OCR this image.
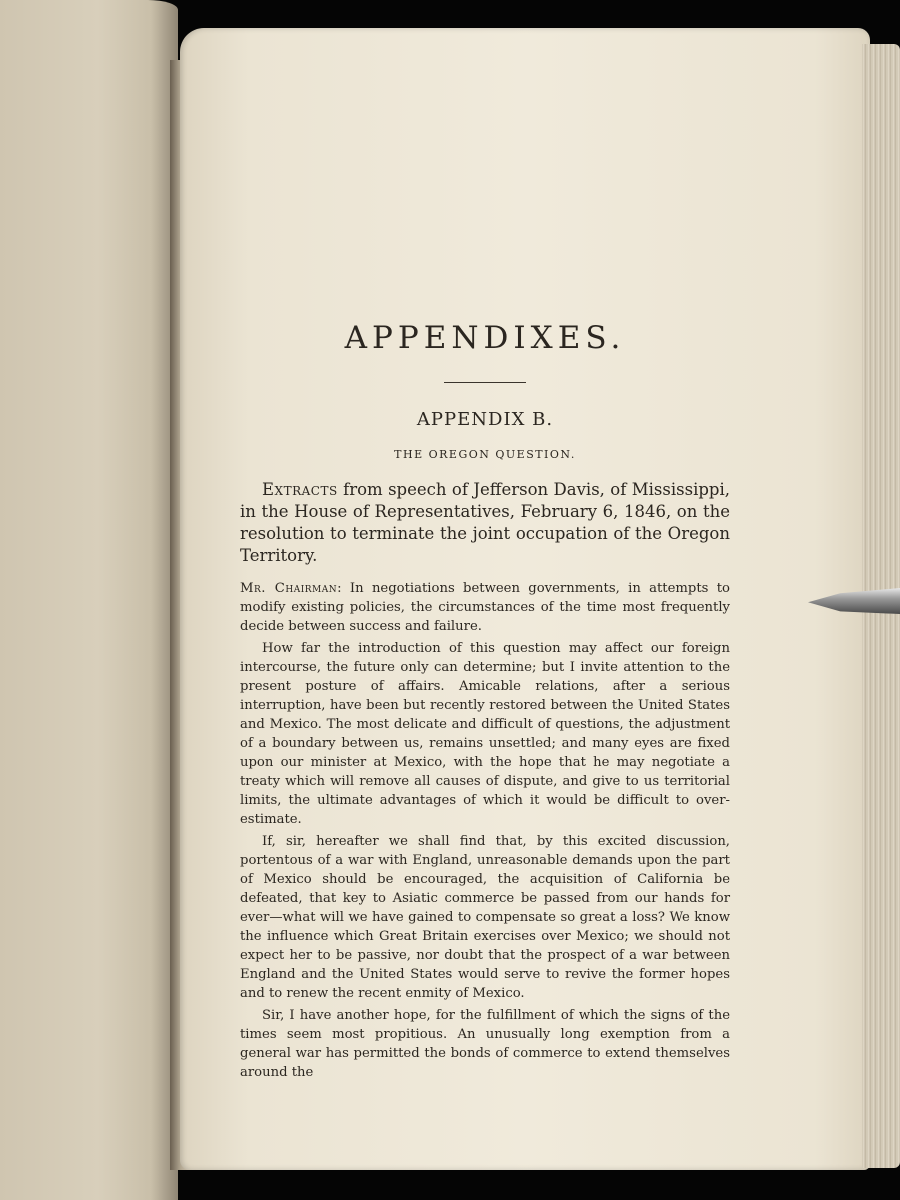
APPENDIXES.
APPENDIX B.
THE OREGON QUESTION.

Extracts from speech of Jefferson Davis, of Mississippi, in the House of Representatives, February 6, 1846, on the resolution to terminate the joint occupation of the Oregon Territory.

Mr. Chairman: In negotiations between governments, in attempts to modify existing policies, the circumstances of the time most frequently decide between success and failure.

How far the introduction of this question may affect our foreign intercourse, the future only can determine; but I invite attention to the present posture of affairs. Amicable relations, after a serious interruption, have been but recently restored between the United States and Mexico. The most delicate and difficult of questions, the adjustment of a boundary between us, remains unsettled; and many eyes are fixed upon our minister at Mexico, with the hope that he may negotiate a treaty which will remove all causes of dispute, and give to us territorial limits, the ultimate advantages of which it would be difficult to over-estimate.

If, sir, hereafter we shall find that, by this excited discussion, portentous of a war with England, unreasonable demands upon the part of Mexico should be encouraged, the acquisition of California be defeated, that key to Asiatic commerce be passed from our hands for ever—what will we have gained to compensate so great a loss? We know the influence which Great Britain exercises over Mexico; we should not expect her to be passive, nor doubt that the prospect of a war between England and the United States would serve to revive the former hopes and to renew the recent enmity of Mexico.

Sir, I have another hope, for the fulfillment of which the signs of the times seem most propitious. An unusually long exemption from a general war has permitted the bonds of commerce to extend themselves around the
